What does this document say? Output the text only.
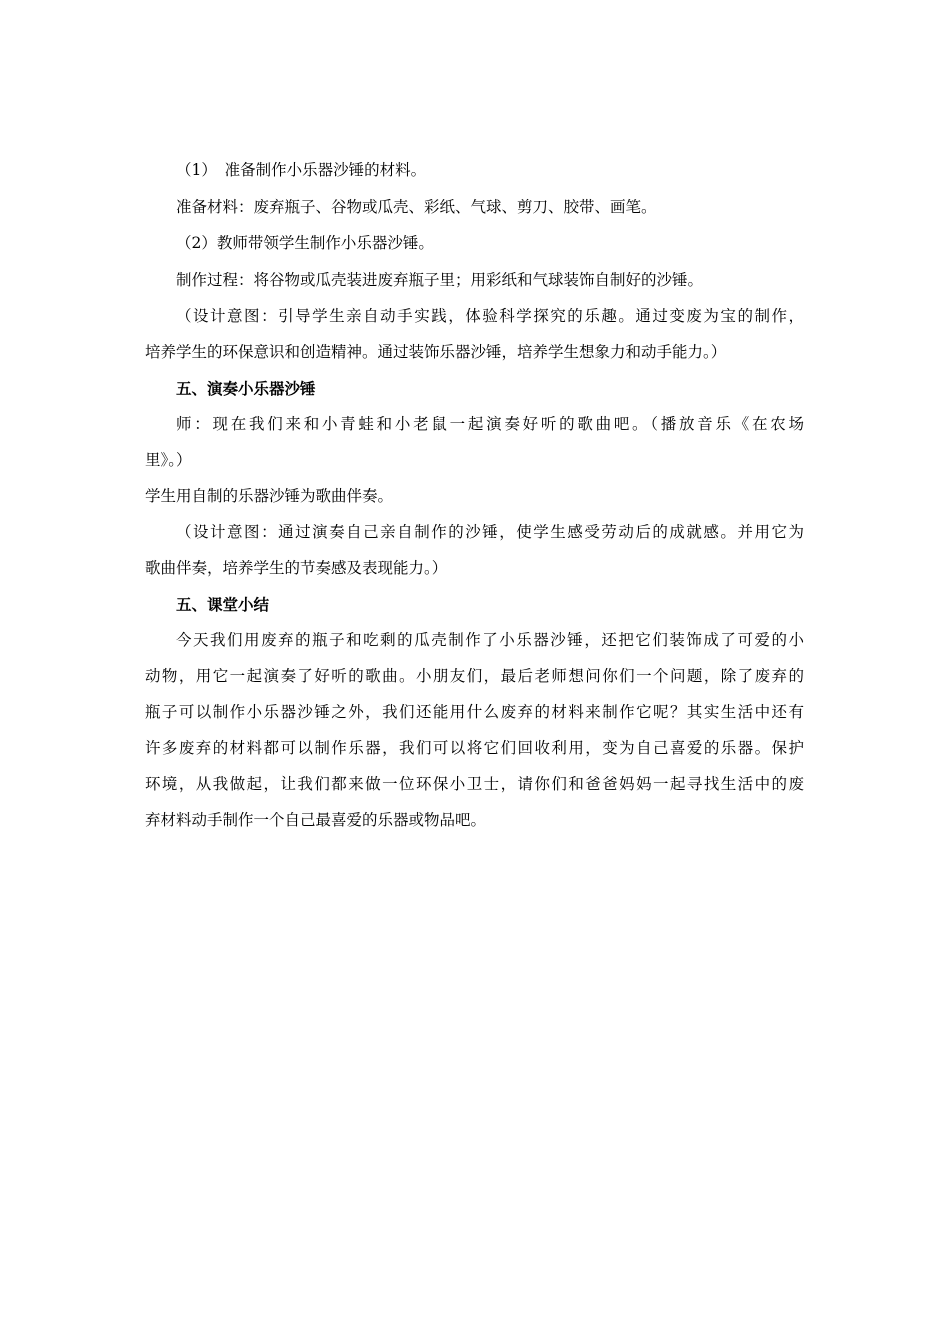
（1）　准备制作小乐器沙锤的材料。
准备材料：废弃瓶子、谷物或瓜壳、彩纸、气球、剪刀、胶带、画笔。
（2）教师带领学生制作小乐器沙锤。
制作过程：将谷物或瓜壳装进废弃瓶子里；用彩纸和气球装饰自制好的沙锤。
（设计意图：引导学生亲自动手实践，体验科学探究的乐趣。通过变废为宝的制作，
培养学生的环保意识和创造精神。通过装饰乐器沙锤，培养学生想象力和动手能力。）
五、演奏小乐器沙锤
师：现在我们来和小青蛙和小老鼠一起演奏好听的歌曲吧。（播放音乐《在农场
里》。）
学生用自制的乐器沙锤为歌曲伴奏。
（设计意图：通过演奏自己亲自制作的沙锤，使学生感受劳动后的成就感。并用它为
歌曲伴奏，培养学生的节奏感及表现能力。）
五、课堂小结
今天我们用废弃的瓶子和吃剩的瓜壳制作了小乐器沙锤，还把它们装饰成了可爱的小
动物，用它一起演奏了好听的歌曲。小朋友们，最后老师想问你们一个问题，除了废弃的
瓶子可以制作小乐器沙锤之外，我们还能用什么废弃的材料来制作它呢？其实生活中还有
许多废弃的材料都可以制作乐器，我们可以将它们回收利用，变为自己喜爱的乐器。保护
环境，从我做起，让我们都来做一位环保小卫士，请你们和爸爸妈妈一起寻找生活中的废
弃材料动手制作一个自己最喜爱的乐器或物品吧。
